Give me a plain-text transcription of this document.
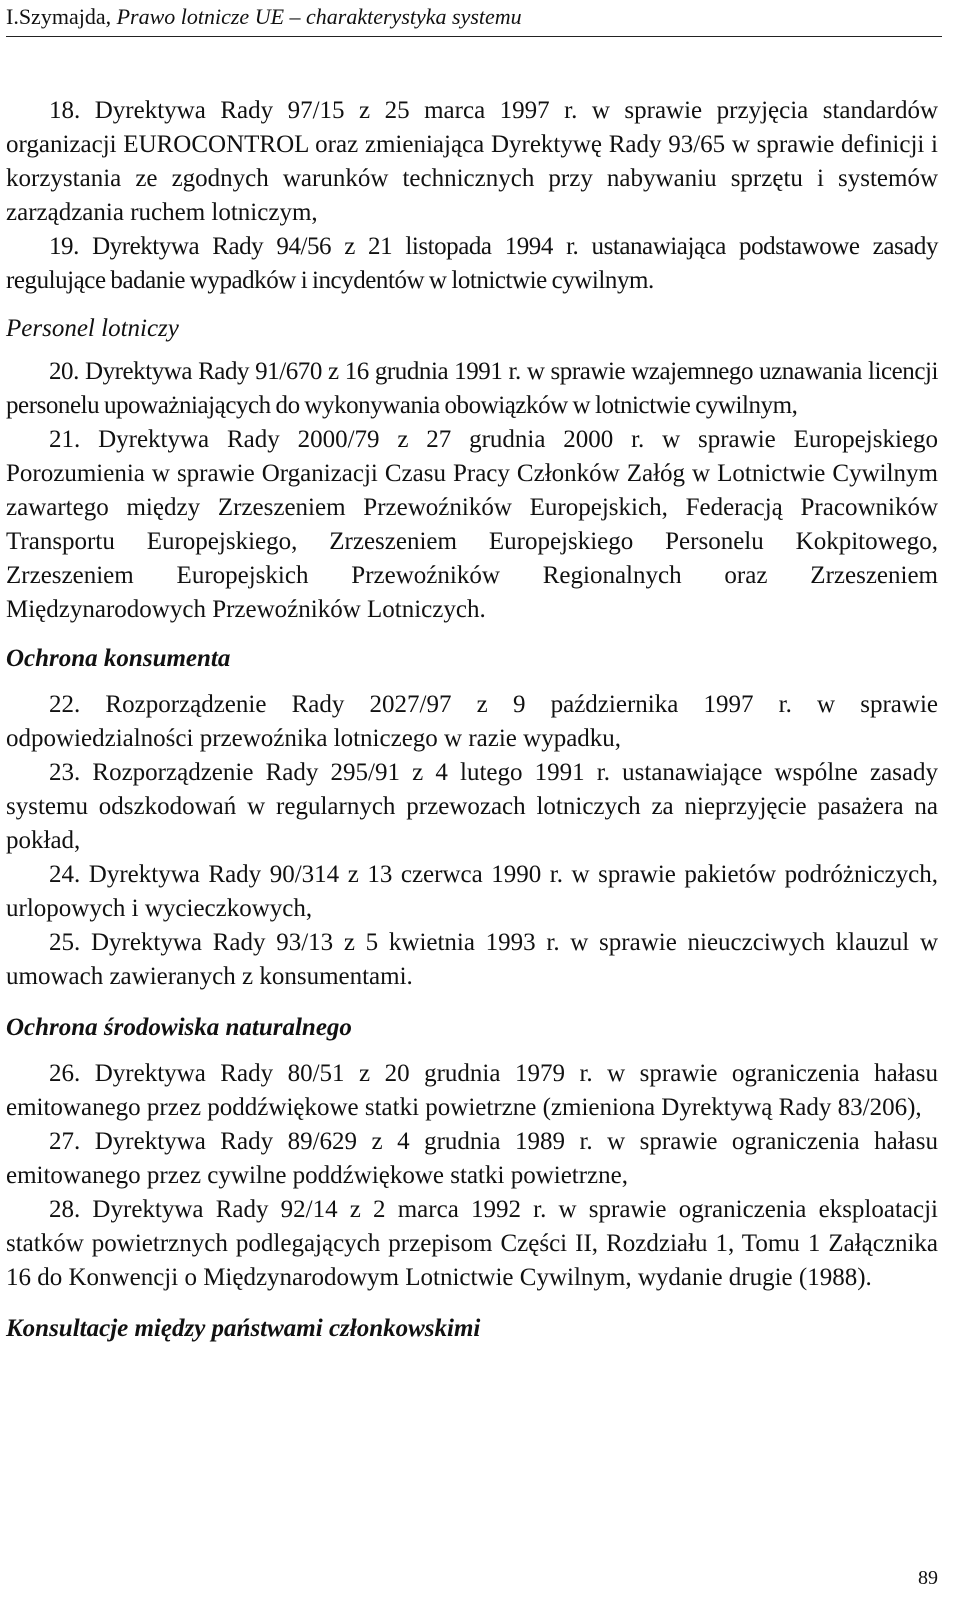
I.Szymajda, Prawo lotnicze UE – charakterystyka systemu

18. Dyrektywa Rady 97/15 z 25 marca 1997 r. w sprawie przyjęcia standardów organizacji EUROCONTROL oraz zmieniająca Dyrektywę Rady 93/65 w sprawie definicji i korzystania ze zgodnych warunków technicznych przy nabywaniu sprzętu i systemów zarządzania ruchem lotniczym,

19. Dyrektywa Rady 94/56 z 21 listopada 1994 r. ustanawiająca podstawowe zasady regulujące badanie wypadków i incydentów w lotnictwie cywilnym.

Personel lotniczy

20. Dyrektywa Rady 91/670 z 16 grudnia 1991 r. w sprawie wzajemnego uznawania licencji personelu upoważniających do wykonywania obowiązków w lotnictwie cywilnym,

21. Dyrektywa Rady 2000/79 z 27 grudnia 2000 r. w sprawie Europejskiego Porozumienia w sprawie Organizacji Czasu Pracy Członków Załóg w Lotnictwie Cywilnym zawartego między Zrzeszeniem Przewoźników Europejskich, Federacją Pracowników Transportu Europejskiego, Zrzeszeniem Europejskiego Personelu Kokpitowego, Zrzeszeniem Europejskich Przewoźników Regionalnych oraz Zrzeszeniem Międzynarodowych Przewoźników Lotniczych.

Ochrona konsumenta

22. Rozporządzenie Rady 2027/97 z 9 października 1997 r. w sprawie odpowiedzialności przewoźnika lotniczego w razie wypadku,

23. Rozporządzenie Rady 295/91 z 4 lutego 1991 r. ustanawiające wspólne zasady systemu odszkodowań w regularnych przewozach lotniczych za nieprzyjęcie pasażera na pokład,

24. Dyrektywa Rady 90/314 z 13 czerwca 1990 r. w sprawie pakietów podróżniczych, urlopowych i wycieczkowych,

25. Dyrektywa Rady 93/13 z 5 kwietnia 1993 r. w sprawie nieuczciwych klauzul w umowach zawieranych z konsumentami.

Ochrona środowiska naturalnego

26. Dyrektywa Rady 80/51 z 20 grudnia 1979 r. w sprawie ograniczenia hałasu emitowanego przez poddźwiękowe statki powietrzne (zmieniona Dyrektywą Rady 83/206),

27. Dyrektywa Rady 89/629 z 4 grudnia 1989 r. w sprawie ograniczenia hałasu emitowanego przez cywilne poddźwiękowe statki powietrzne,

28. Dyrektywa Rady 92/14 z 2 marca 1992 r. w sprawie ograniczenia eksploatacji statków powietrznych podlegających przepisom Części II, Rozdziału 1, Tomu 1 Załącznika 16 do Konwencji o Międzynarodowym Lotnictwie Cywilnym, wydanie drugie (1988).

Konsultacje między państwami członkowskimi

89
